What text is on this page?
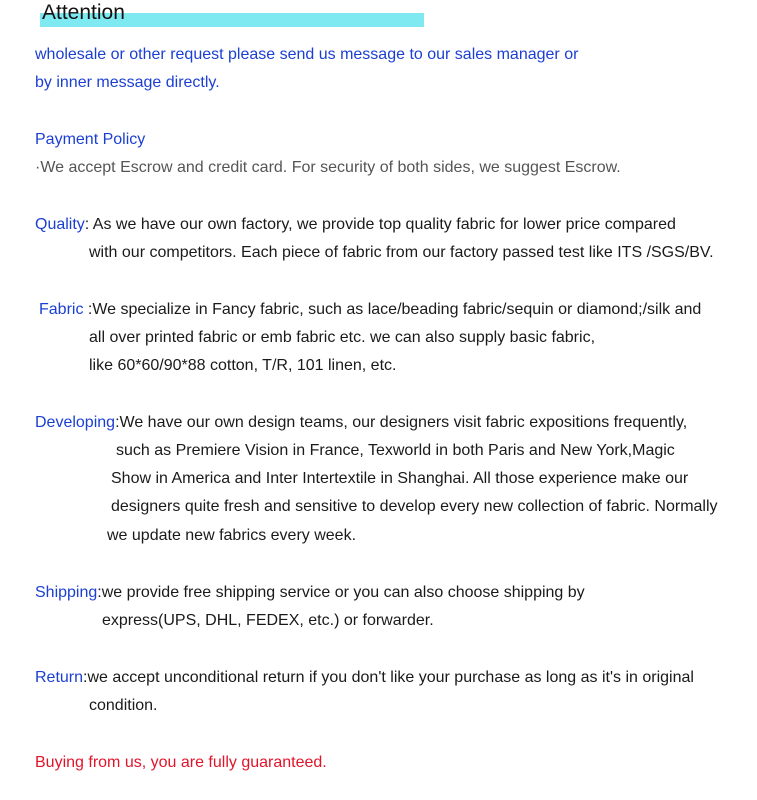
Attention
wholesale or other request please send us message to our sales manager or
by inner message directly.
Payment Policy
·We accept Escrow and credit card. For security of both sides, we suggest Escrow.
Quality: As we have our own factory, we provide top quality fabric for lower price compared
with our competitors. Each piece of fabric from our factory passed test like ITS /SGS/BV.
Fabric :We specialize in Fancy fabric, such as lace/beading fabric/sequin or diamond;/silk and
all over printed fabric or emb fabric etc. we can also supply basic fabric,
like 60*60/90*88 cotton, T/R, 101 linen, etc.
Developing:We have our own design teams, our designers visit fabric expositions frequently,
such as Premiere Vision in France, Texworld in both Paris and New York,Magic
Show in America and Inter Intertextile in Shanghai. All those experience make our
designers quite fresh and sensitive to develop every new collection of fabric. Normally
we update new fabrics every week.
Shipping:we provide free shipping service or you can also choose shipping by
express(UPS, DHL, FEDEX, etc.) or forwarder.
Return:we accept unconditional return if you don't like your purchase as long as it's in original
condition.
Buying from us, you are fully guaranteed.
